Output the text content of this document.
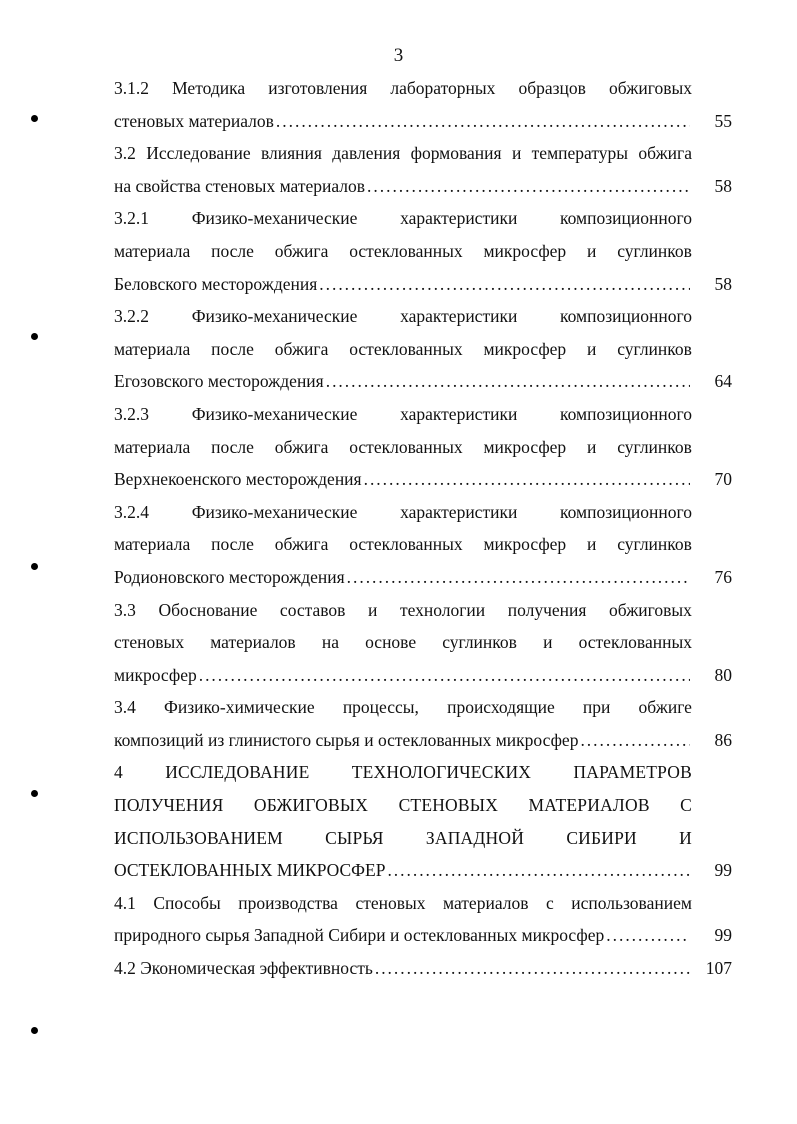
3
3.1.2 Методика изготовления лабораторных образцов обжиговых
стеновых материалов . . .	55
3.2 Исследование влияния давления формования и температуры обжига
на свойства стеновых материалов . . .	58
3.2.1 Физико-механические характеристики композиционного
материала после обжига остеклованных микросфер и суглинков
Беловского месторождения . . .	58
3.2.2 Физико-механические характеристики композиционного
материала после обжига остеклованных микросфер и суглинков
Егозовского месторождения . . .	64
3.2.3 Физико-механические характеристики композиционного
материала после обжига остеклованных микросфер и суглинков
Верхнекоенского месторождения . . .	70
3.2.4 Физико-механические характеристики композиционного
материала после обжига остеклованных микросфер и суглинков
Родионовского месторождения . . .	76
3.3 Обоснование составов и технологии получения обжиговых
стеновых материалов на основе суглинков и остеклованных
микросфер . . .	80
3.4 Физико-химические процессы, происходящие при обжиге
композиций из глинистого сырья и остеклованных микросфер . . .	86
4 ИССЛЕДОВАНИЕ ТЕХНОЛОГИЧЕСКИХ ПАРАМЕТРОВ
ПОЛУЧЕНИЯ ОБЖИГОВЫХ СТЕНОВЫХ МАТЕРИАЛОВ С
ИСПОЛЬЗОВАНИЕМ СЫРЬЯ ЗАПАДНОЙ СИБИРИ И
ОСТЕКЛОВАННЫХ МИКРОСФЕР . . .	99
4.1 Способы производства стеновых материалов с использованием
природного сырья Западной Сибири и остеклованных микросфер . . .	99
4.2 Экономическая эффективность . . .	107
